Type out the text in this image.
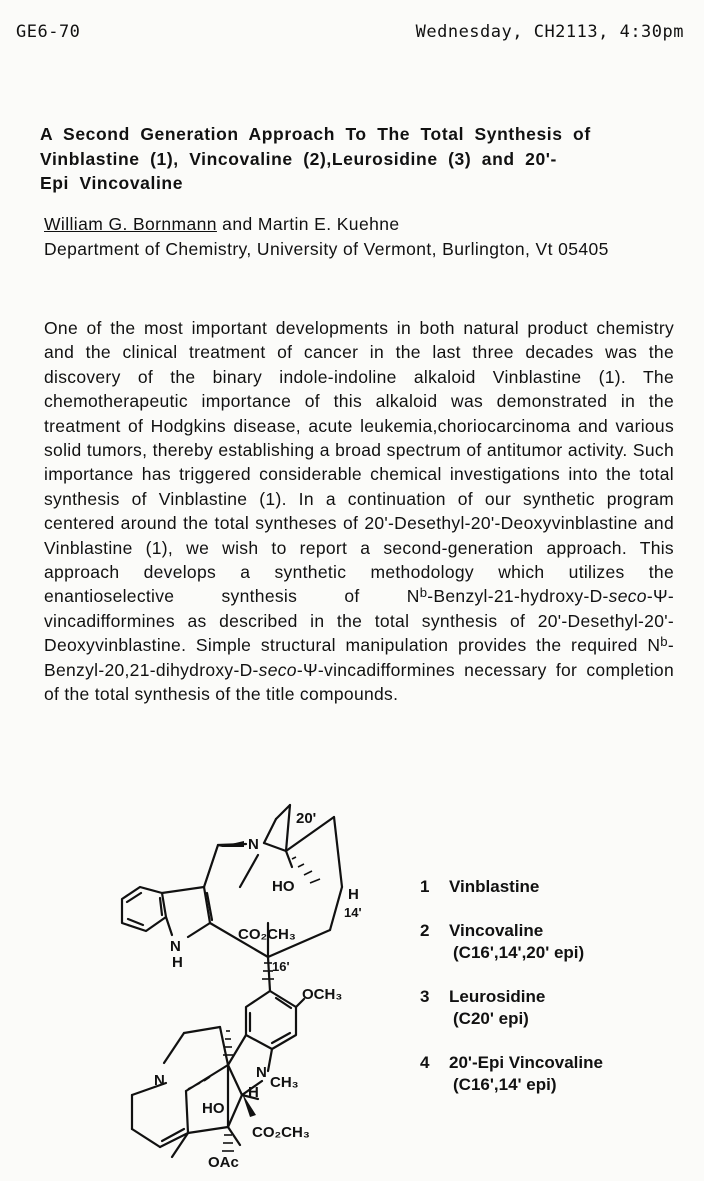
GE6-70	Wednesday, CH2113, 4:30pm
A Second Generation Approach To The Total Synthesis of
Vinblastine (1), Vincovaline (2),Leurosidine (3) and 20'-
Epi Vincovaline
William G. Bornmann and Martin E. Kuehne
Department of Chemistry, University of Vermont, Burlington, Vt 05405

One of the most important developments in both natural product chemistry and the clinical treatment of cancer in the last three decades was the discovery of the binary indole-indoline alkaloid Vinblastine (1). The chemotherapeutic importance of this alkaloid was demonstrated in the treatment of Hodgkins disease, acute leukemia,choriocarcinoma and various solid tumors, thereby establishing a broad spectrum of antitumor activity. Such importance has triggered considerable chemical investigations into the total synthesis of Vinblastine (1). In a continuation of our synthetic program centered around the total syntheses of 20'-Desethyl-20'-Deoxyvinblastine and Vinblastine (1), we wish to report a second-generation approach. This approach develops a synthetic methodology which utilizes the enantioselective synthesis of $N^b-Benzyl-21-hydroxy-D-\sec o-\Psi$-vincadifformines as described in the total synthesis of 20'-Desethyl-20'-Deoxyvinblastine. Simple structural manipulation provides the required $N^b-Benzyl-20,21-dihydroxy-D-\sec o-\Psi$-vincadifformines necessary for completion of the total synthesis of the title compounds.

20'
N
HO	H
14'
CO₂CH₃
N
H	16'
OCH₃
N	N
CH₃
H
HO
CO₂CH₃
OAc
1 Vinblastine
2 Vincovaline
(C16',14',20' epi)
3 Leurosidine
(C20' epi)
4 20'-Epi Vincovaline
(C16',14' epi)
